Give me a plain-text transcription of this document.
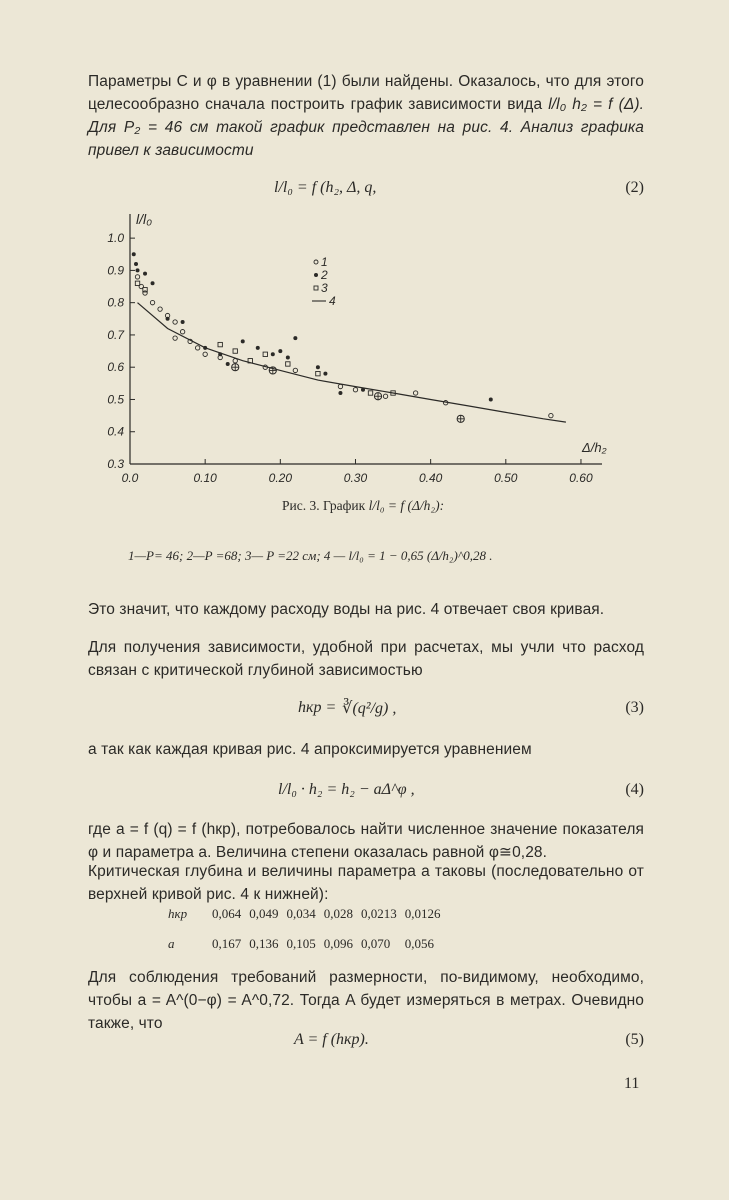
Параметры C и φ в уравнении (1) были найдены. Оказалось, что для этого целесообразно сначала построить график зависимости вида l/l₀ h₂ = f (Δ). Для P₂ = 46 см такой график представлен на рис. 4. Анализ графика привел к зависимости

l/l₀ = f (h₂, Δ, q,	(2)
l/l₀
Δ/h₂
0.0	0.10	0.20	0.30	0.40	0.50	0.60
0.3
0.4
0.5
0.6
0.7
0.8
0.9
1.0
1
2
3
4
Рис. 3. График l/l₀ = f (Δ/h₂):
1—P= 46; 2—P =68; 3— P =22 см; 4 — l/l₀ = 1 − 0,65 (Δ/h₂)^0,28 .

Это значит, что каждому расходу воды на рис. 4 отвечает своя кривая.

Для получения зависимости, удобной при расчетах, мы учли что расход связан с критической глубиной зависимостью

hкр = ∛(q²/g) ,	(3)

а так как каждая кривая рис. 4 апроксимируется уравнением

l/l₀ · h₂ = h₂ − aΔ^φ ,	(4)

где a = f (q) = f (hкр), потребовалось найти численное значение показателя φ и параметра a. Величина степени оказалась равной φ≅0,28.

Критическая глубина и величины параметра a таковы (последовательно от верхней кривой рис. 4 к нижней):

hкр	0,064	0,049	0,034	0,028	0,0213	0,0126
a	0,167	0,136	0,105	0,096	0,070	0,056

Для соблюдения требований размерности, по-видимому, необходимо, чтобы a = A^(0−φ) = A^0,72. Тогда A будет измеряться в метрах. Очевидно также, что

A = f (hкр).	(5)
11
